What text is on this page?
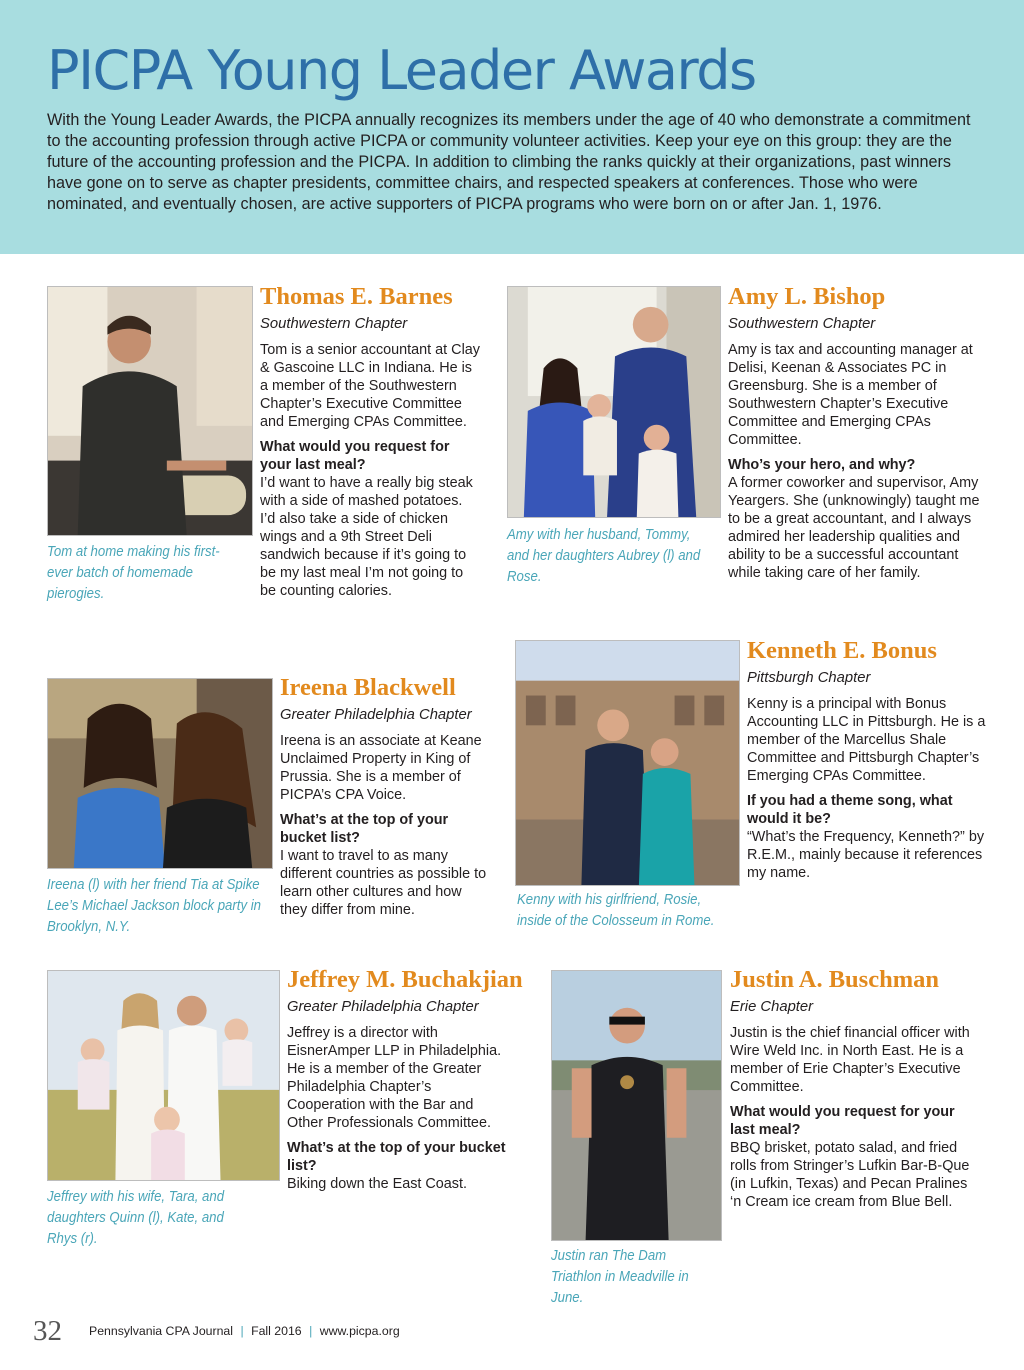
PICPA Young Leader Awards

With the Young Leader Awards, the PICPA annually recognizes its members under the age of 40 who demonstrate a commitment to the accounting profession through active PICPA or community volunteer activities. Keep your eye on this group: they are the future of the accounting profession and the PICPA. In addition to climbing the ranks quickly at their organizations, past winners have gone on to serve as chapter presidents, committee chairs, and respected speakers at conferences. Those who were nominated, and eventually chosen, are active supporters of PICPA programs who were born on or after Jan. 1, 1976.

Tom at home making his first-ever batch of homemade pierogies.

Thomas E. Barnes

Southwestern Chapter

Tom is a senior accountant at Clay & Gascoine LLC in Indiana. He is a member of the Southwestern Chapter’s Executive Committee and Emerging CPAs Committee.

What would you request for your last meal?

I’d want to have a really big steak with a side of mashed potatoes. I’d also take a side of chicken wings and a 9th Street Deli sandwich because if it’s going to be my last meal I’m not going to be counting calories.

Amy with her husband, Tommy, and her daughters Aubrey (l) and Rose.

Amy L. Bishop

Southwestern Chapter

Amy is tax and accounting manager at Delisi, Keenan & Associates PC in Greensburg. She is a member of Southwestern Chapter’s Executive Committee and Emerging CPAs Committee.

Who’s your hero, and why?

A former coworker and supervisor, Amy Yeargers. She (unknowingly) taught me to be a great accountant, and I always admired her leadership qualities and ability to be a successful accountant while taking care of her family.

Ireena (l) with her friend Tia at Spike Lee’s Michael Jackson block party in Brooklyn, N.Y.

Ireena Blackwell

Greater Philadelphia Chapter

Ireena is an associate at Keane Unclaimed Property in King of Prussia. She is a member of PICPA’s CPA Voice.

What’s at the top of your bucket list?

I want to travel to as many different countries as possible to learn other cultures and how they differ from mine.

Kenny with his girlfriend, Rosie, inside of the Colosseum in Rome.

Kenneth E. Bonus

Pittsburgh Chapter

Kenny is a principal with Bonus Accounting LLC in Pittsburgh. He is a member of the Marcellus Shale Committee and Pittsburgh Chapter’s Emerging CPAs Committee.

If you had a theme song, what would it be?

“What’s the Frequency, Kenneth?” by R.E.M., mainly because it references my name.

Jeffrey with his wife, Tara, and daughters Quinn (l), Kate, and Rhys (r).

Jeffrey M. Buchakjian

Greater Philadelphia Chapter

Jeffrey is a director with EisnerAmper LLP in Philadelphia. He is a member of the Greater Philadelphia Chapter’s Cooperation with the Bar and Other Professionals Committee.

What’s at the top of your bucket list?

Biking down the East Coast.

Justin ran The Dam Triathlon in Meadville in June.

Justin A. Buschman

Erie Chapter

Justin is the chief financial officer with Wire Weld Inc. in North East. He is a member of Erie Chapter’s Executive Committee.

What would you request for your last meal?

BBQ brisket, potato salad, and fried rolls from Stringer’s Lufkin Bar-B-Que (in Lufkin, Texas) and Pecan Pralines ‘n Cream ice cream from Blue Bell.

32 Pennsylvania CPA Journal | Fall 2016 | www.picpa.org
